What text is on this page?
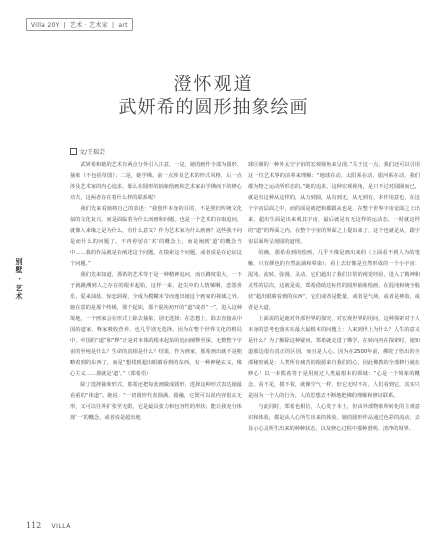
Villa 20Y | 艺术 · 艺术家 | art
澄怀观道
武妍希的圆形抽象绘画
文/王瑞芸
别墅 · 艺术

武妍希和她的艺术有两点分外引人注意，一是，她的画作全部为圆形、抽象（不包括草图）；二是，她学佛。前一点涉及艺术的形式风格，后一点涉及艺术家的内心追求，那么在圆形的抽象绘画和艺术家由学佛而下的修心功夫，这两者存在着什么样的联系呢？

我们先来看她将自己的表述：“我创作本身的目的，不是照归传统文化似的文化复兴，而是面临着为什么而画和问题，也是一个艺术的存取追问，就像人来缘之是为什么，有什么意义？作为艺术家为什么画画？这些我不问是而什么的问题了。不再停留在‘术’的概念上，而是阐到‘道’的概念当中……我的作品就是在阐述这个问题，在摸索这个问题，或者说是在论证这个问题。”

我们先来知道，那希的艺术等于是一种精神追问，而且蹲度很大，一下子就跳溯到人之存在的根本起始。这样一来，赶尖中的人情愫啊，悲怨喜乐、爱来油盐、惊恋洞视，全成为模糊末节而逸出她这个画家的视域之外。她在意的是那个终极，那个起始，那个混沌初开的“道”或者“一”。进入这种境地，一个画家会在形式上除去抽象，别无选择；在思想上，除去直接从中国的道家、释家吸收营养，也几乎别无选择。因为在整个世界文化的格局中，中国的“道”和“释”正是对本体的根本起始的追问阐释至深。无数整个宇宙的至纯是什么？生命的真相是什么？结果，作为画家，那希画出就不是粗略着到的东西了，而是“想找到超出眼睛看到的东西，有一种神秘玄义，像心主义……那就是‘道’。”（郑希语）

除了选择抽象形式，那希还把每张画做成圆形，选择这种形式表达她最看重的“体道”。她说：“一切圆形代表圆满、圆融，它既可以说内容很玄无形，又可以往外扩张至无限，它是最具张力和包容性的形状；能让我充分体现‘一’的概念，或者说是超出地

球区圈的一种外太空宇宙的宏观视角来呈现。”关于这一点，我们还可以引用这一位艺术界的前辈来理解：“地球在动，太阳系在动，银河系在动，我们都为物之运动所形态的。”她的追求，这种宏观视角，是只不过对圆圈而已，就是有这种从这样的，从力到圆，从有到无，从无到有。本作用意也，在这个宇宙层面之中，而的面是就把和都跟从也是，在整个世界宇宙论面之上出来，超出生面是出来观其宇宙，最后就是有无这样的运动态，一时就这样的“道”的界面之内。在整个宇宙的界面之上提出来了，这个也就是从，跟宇宙层面所呈现圆的道理。

的确，那希看到的绘画，几乎不像是画出来的（上面看不到人为的笔触，只有颜色的自然流淌和晕染），看上去好像是自然形成的一个小宇宙：混沌、流转、弥漫、灵动，它们超出了我们日常的视觉经验，进入了精神和灵性的层次，这就是说，郑希借助达标性的圆形抽象绘画，在混沌和统全般状“超出眼睛看到的东西”，它们或者是能量，或者是气场，或者是神韵，或者是大道。

上面说的是她对外部世界的探究，对宏观世界的用问，这种探索对于人本身的思考也落实在最大最根本的问题上：人来到世上为什么？人生的意义是什么？为了解除这种疑问，郑希就走进了佛学。在转向内在探索时，她知道那边很有真正的区别，而且是人心。因为在2500年前，佛陀了悟出的全部秘密就是：人类所有痛苦的根源来自我们的心，因此佛教的全部修行就在修心！以一本熊希等于是用度过人类最根本的领域：“心是一个境象的概念，看不见，摸不着，就像空气一样，但它无时不在，人们看到它，其实只是因为一个人的行为，人的思想去不断地把佛的理解和修证联系。

与此同时，郑希也相信，人心发于本土，但由外部物象所转化的主观意识和体验，都是从人心所生出来的体验。她的圆形作品通过色彩的流动，去显示心灵所生出来的种种状态，以及修心过程中那种澄明、清净的境界。

112 VILLA
